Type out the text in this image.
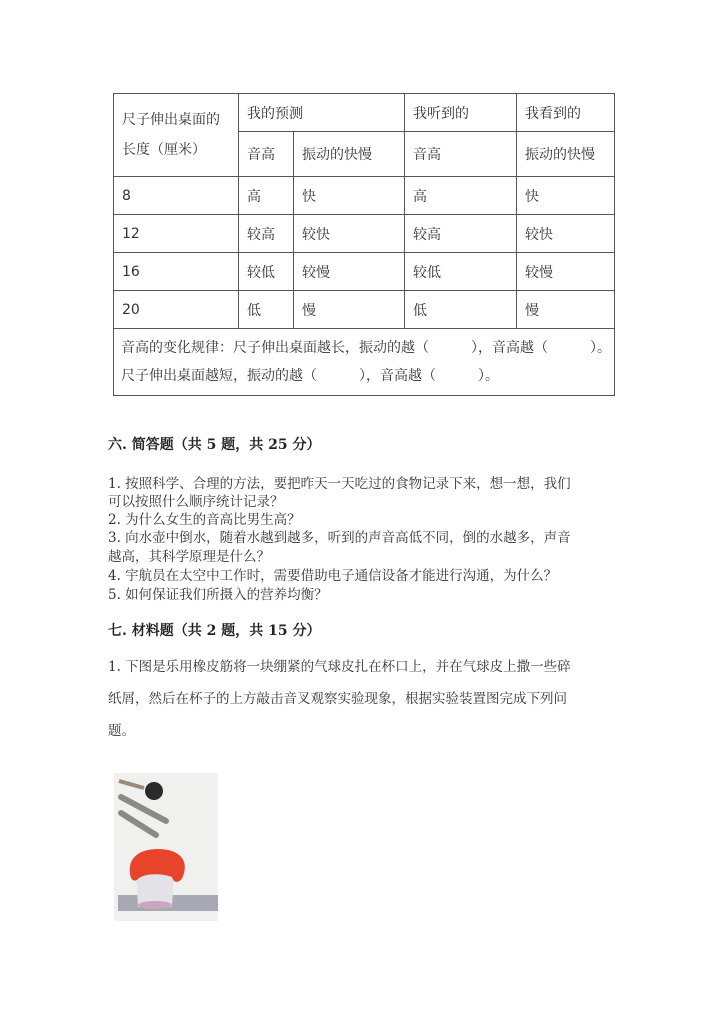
尺子伸出桌面的
长度（厘米）	我的预测		我听到的	我看到的
	音高	振动的快慢	音高	振动的快慢
8	高	快	高	快
12	较高	较快	较高	较快
16	较低	较慢	较低	较慢
20	低	慢	低	慢

音高的变化规律：尺子伸出桌面越长，振动的越（　　　），音高越（　　　）。
尺子伸出桌面越短，振动的越（　　　），音高越（　　　）。				
六. 简答题（共 5 题，共 25 分）
1. 按照科学、合理的方法，要把昨天一天吃过的食物记录下来，想一想，我们
可以按照什么顺序统计记录？
2. 为什么女生的音高比男生高？
3. 向水壶中倒水，随着水越到越多，听到的声音高低不同，倒的水越多，声音
越高，其科学原理是什么？
4. 宇航员在太空中工作时，需要借助电子通信设备才能进行沟通，为什么？
5. 如何保证我们所摄入的营养均衡？
七. 材料题（共 2 题，共 15 分）
1. 下图是乐用橡皮筋将一块绷紧的气球皮扎在杯口上，并在气球皮上撒一些碎
纸屑，然后在杯子的上方敲击音叉观察实验现象，根据实验装置图完成下列问
题。
